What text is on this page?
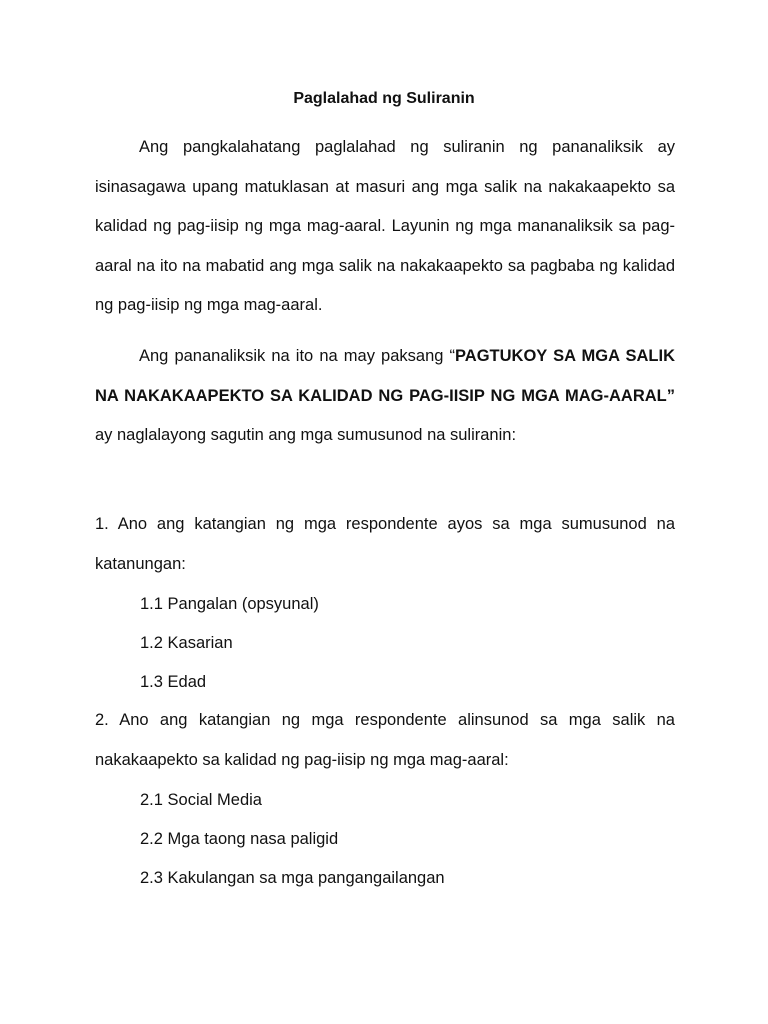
Paglalahad ng Suliranin

Ang pangkalahatang paglalahad ng suliranin ng pananaliksik ay isinasagawa upang matuklasan at masuri ang mga salik na nakakaapekto sa kalidad ng pag-iisip ng mga mag-aaral. Layunin ng mga mananaliksik sa pag-aaral na ito na mabatid ang mga salik na nakakaapekto sa pagbaba ng kalidad ng pag-iisip ng mga mag-aaral.

Ang pananaliksik na ito na may paksang “PAGTUKOY SA MGA SALIK NA NAKAKAAPEKTO SA KALIDAD NG PAG-IISIP NG MGA MAG-AARAL” ay naglalayong sagutin ang mga sumusunod na suliranin:

1. Ano ang katangian ng mga respondente ayos sa mga sumusunod na katanungan:

1.1 Pangalan (opsyunal)
1.2 Kasarian
1.3 Edad

2. Ano ang katangian ng mga respondente alinsunod sa mga salik na nakakaapekto sa kalidad ng pag-iisip ng mga mag-aaral:

2.1 Social Media
2.2 Mga taong nasa paligid
2.3 Kakulangan sa mga pangangailangan
